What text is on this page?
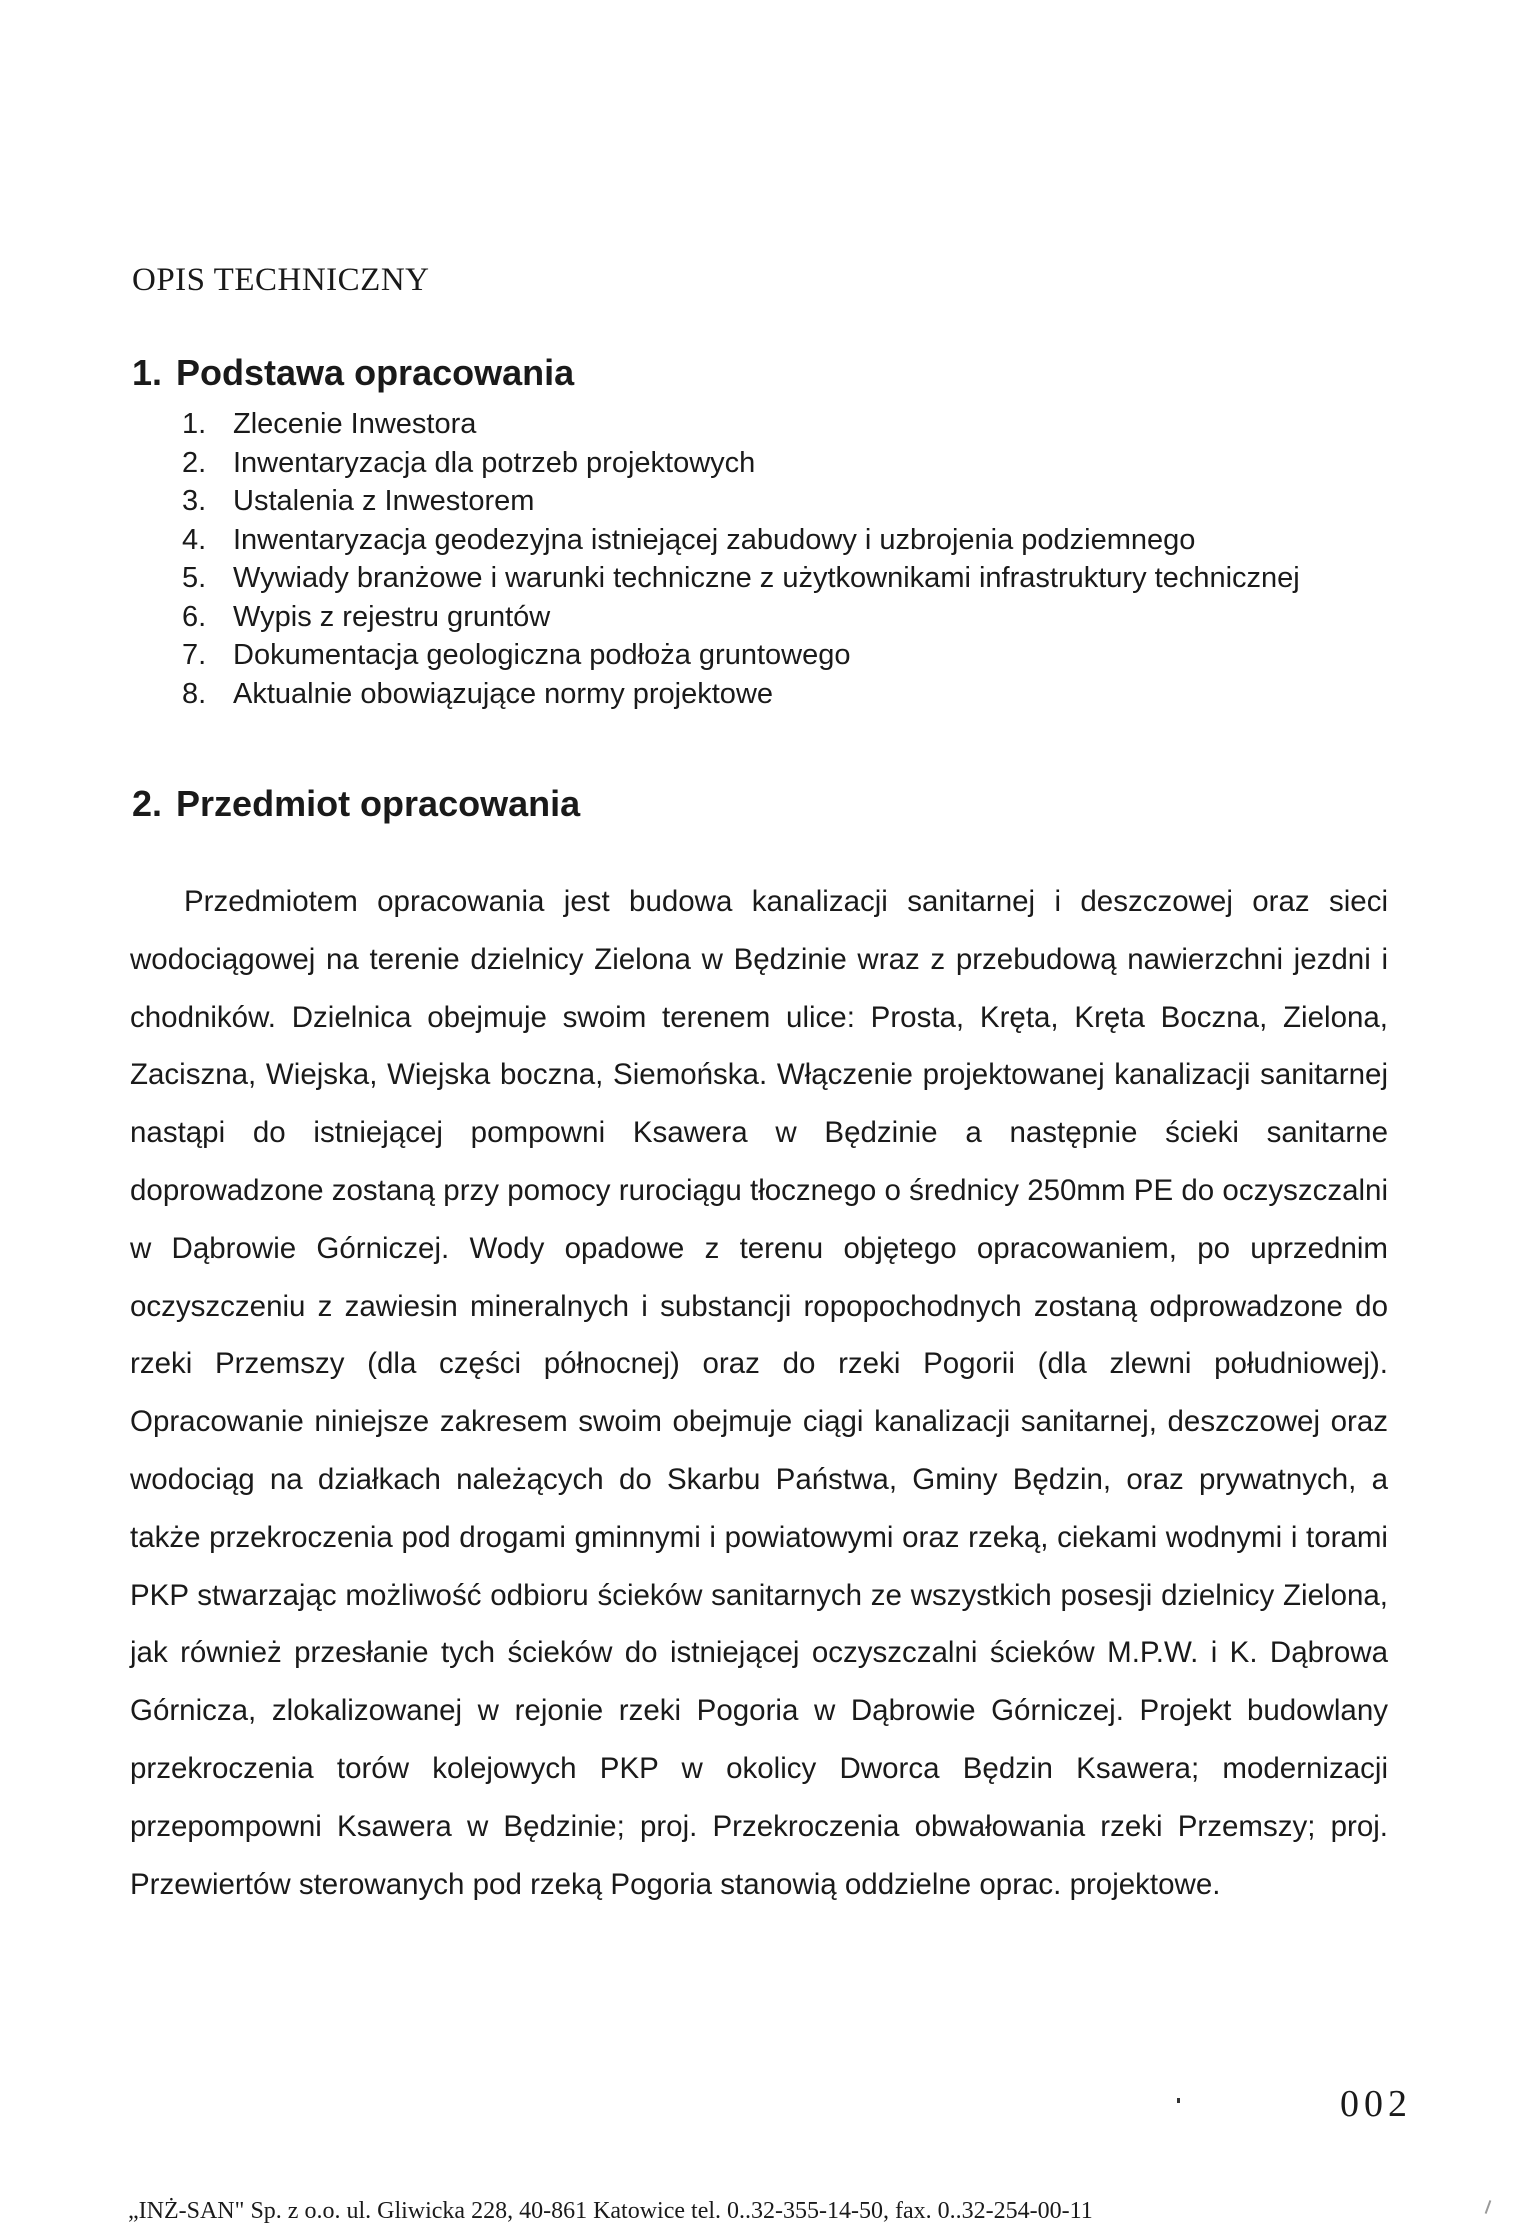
OPIS TECHNICZNY
1. Podstawa opracowania
1. Zlecenie Inwestora
2. Inwentaryzacja dla potrzeb projektowych
3. Ustalenia z Inwestorem
4. Inwentaryzacja geodezyjna istniejącej zabudowy i uzbrojenia podziemnego
5. Wywiady branżowe i warunki techniczne z użytkownikami infrastruktury technicznej
6. Wypis z rejestru gruntów
7. Dokumentacja geologiczna podłoża gruntowego
8. Aktualnie obowiązujące normy projektowe
2. Przedmiot opracowania

Przedmiotem opracowania jest budowa kanalizacji sanitarnej i deszczowej oraz sieci wodociągowej na terenie dzielnicy Zielona w Będzinie wraz z przebudową nawierzchni jezdni i chodników. Dzielnica obejmuje swoim terenem ulice: Prosta, Kręta, Kręta Boczna, Zielona, Zaciszna, Wiejska, Wiejska boczna, Siemońska. Włączenie projektowanej kanalizacji sanitarnej nastąpi do istniejącej pompowni Ksawera w Będzinie a następnie ścieki sanitarne doprowadzone zostaną przy pomocy rurociągu tłocznego o średnicy 250mm PE do oczyszczalni w Dąbrowie Górniczej. Wody opadowe z terenu objętego opracowaniem, po uprzednim oczyszczeniu z zawiesin mineralnych i substancji ropopochodnych zostaną odprowadzone do rzeki Przemszy (dla części północnej) oraz do rzeki Pogorii (dla zlewni południowej). Opracowanie niniejsze zakresem swoim obejmuje ciągi kanalizacji sanitarnej, deszczowej oraz wodociąg na działkach należących do Skarbu Państwa, Gminy Będzin, oraz prywatnych, a także przekroczenia pod drogami gminnymi i powiatowymi oraz rzeką, ciekami wodnymi i torami PKP stwarzając możliwość odbioru ścieków sanitarnych ze wszystkich posesji dzielnicy Zielona, jak również przesłanie tych ścieków do istniejącej oczyszczalni ścieków M.P.W. i K. Dąbrowa Górnicza, zlokalizowanej w rejonie rzeki Pogoria w Dąbrowie Górniczej. Projekt budowlany przekroczenia torów kolejowych PKP w okolicy Dworca Będzin Ksawera; modernizacji przepompowni Ksawera w Będzinie; proj. Przekroczenia obwałowania rzeki Przemszy; proj. Przewiertów sterowanych pod rzeką Pogoria stanowią oddzielne oprac. projektowe.

002
„INŻ-SAN" Sp. z o.o. ul. Gliwicka 228, 40-861 Katowice tel. 0..32-355-14-50, fax. 0..32-254-00-11
